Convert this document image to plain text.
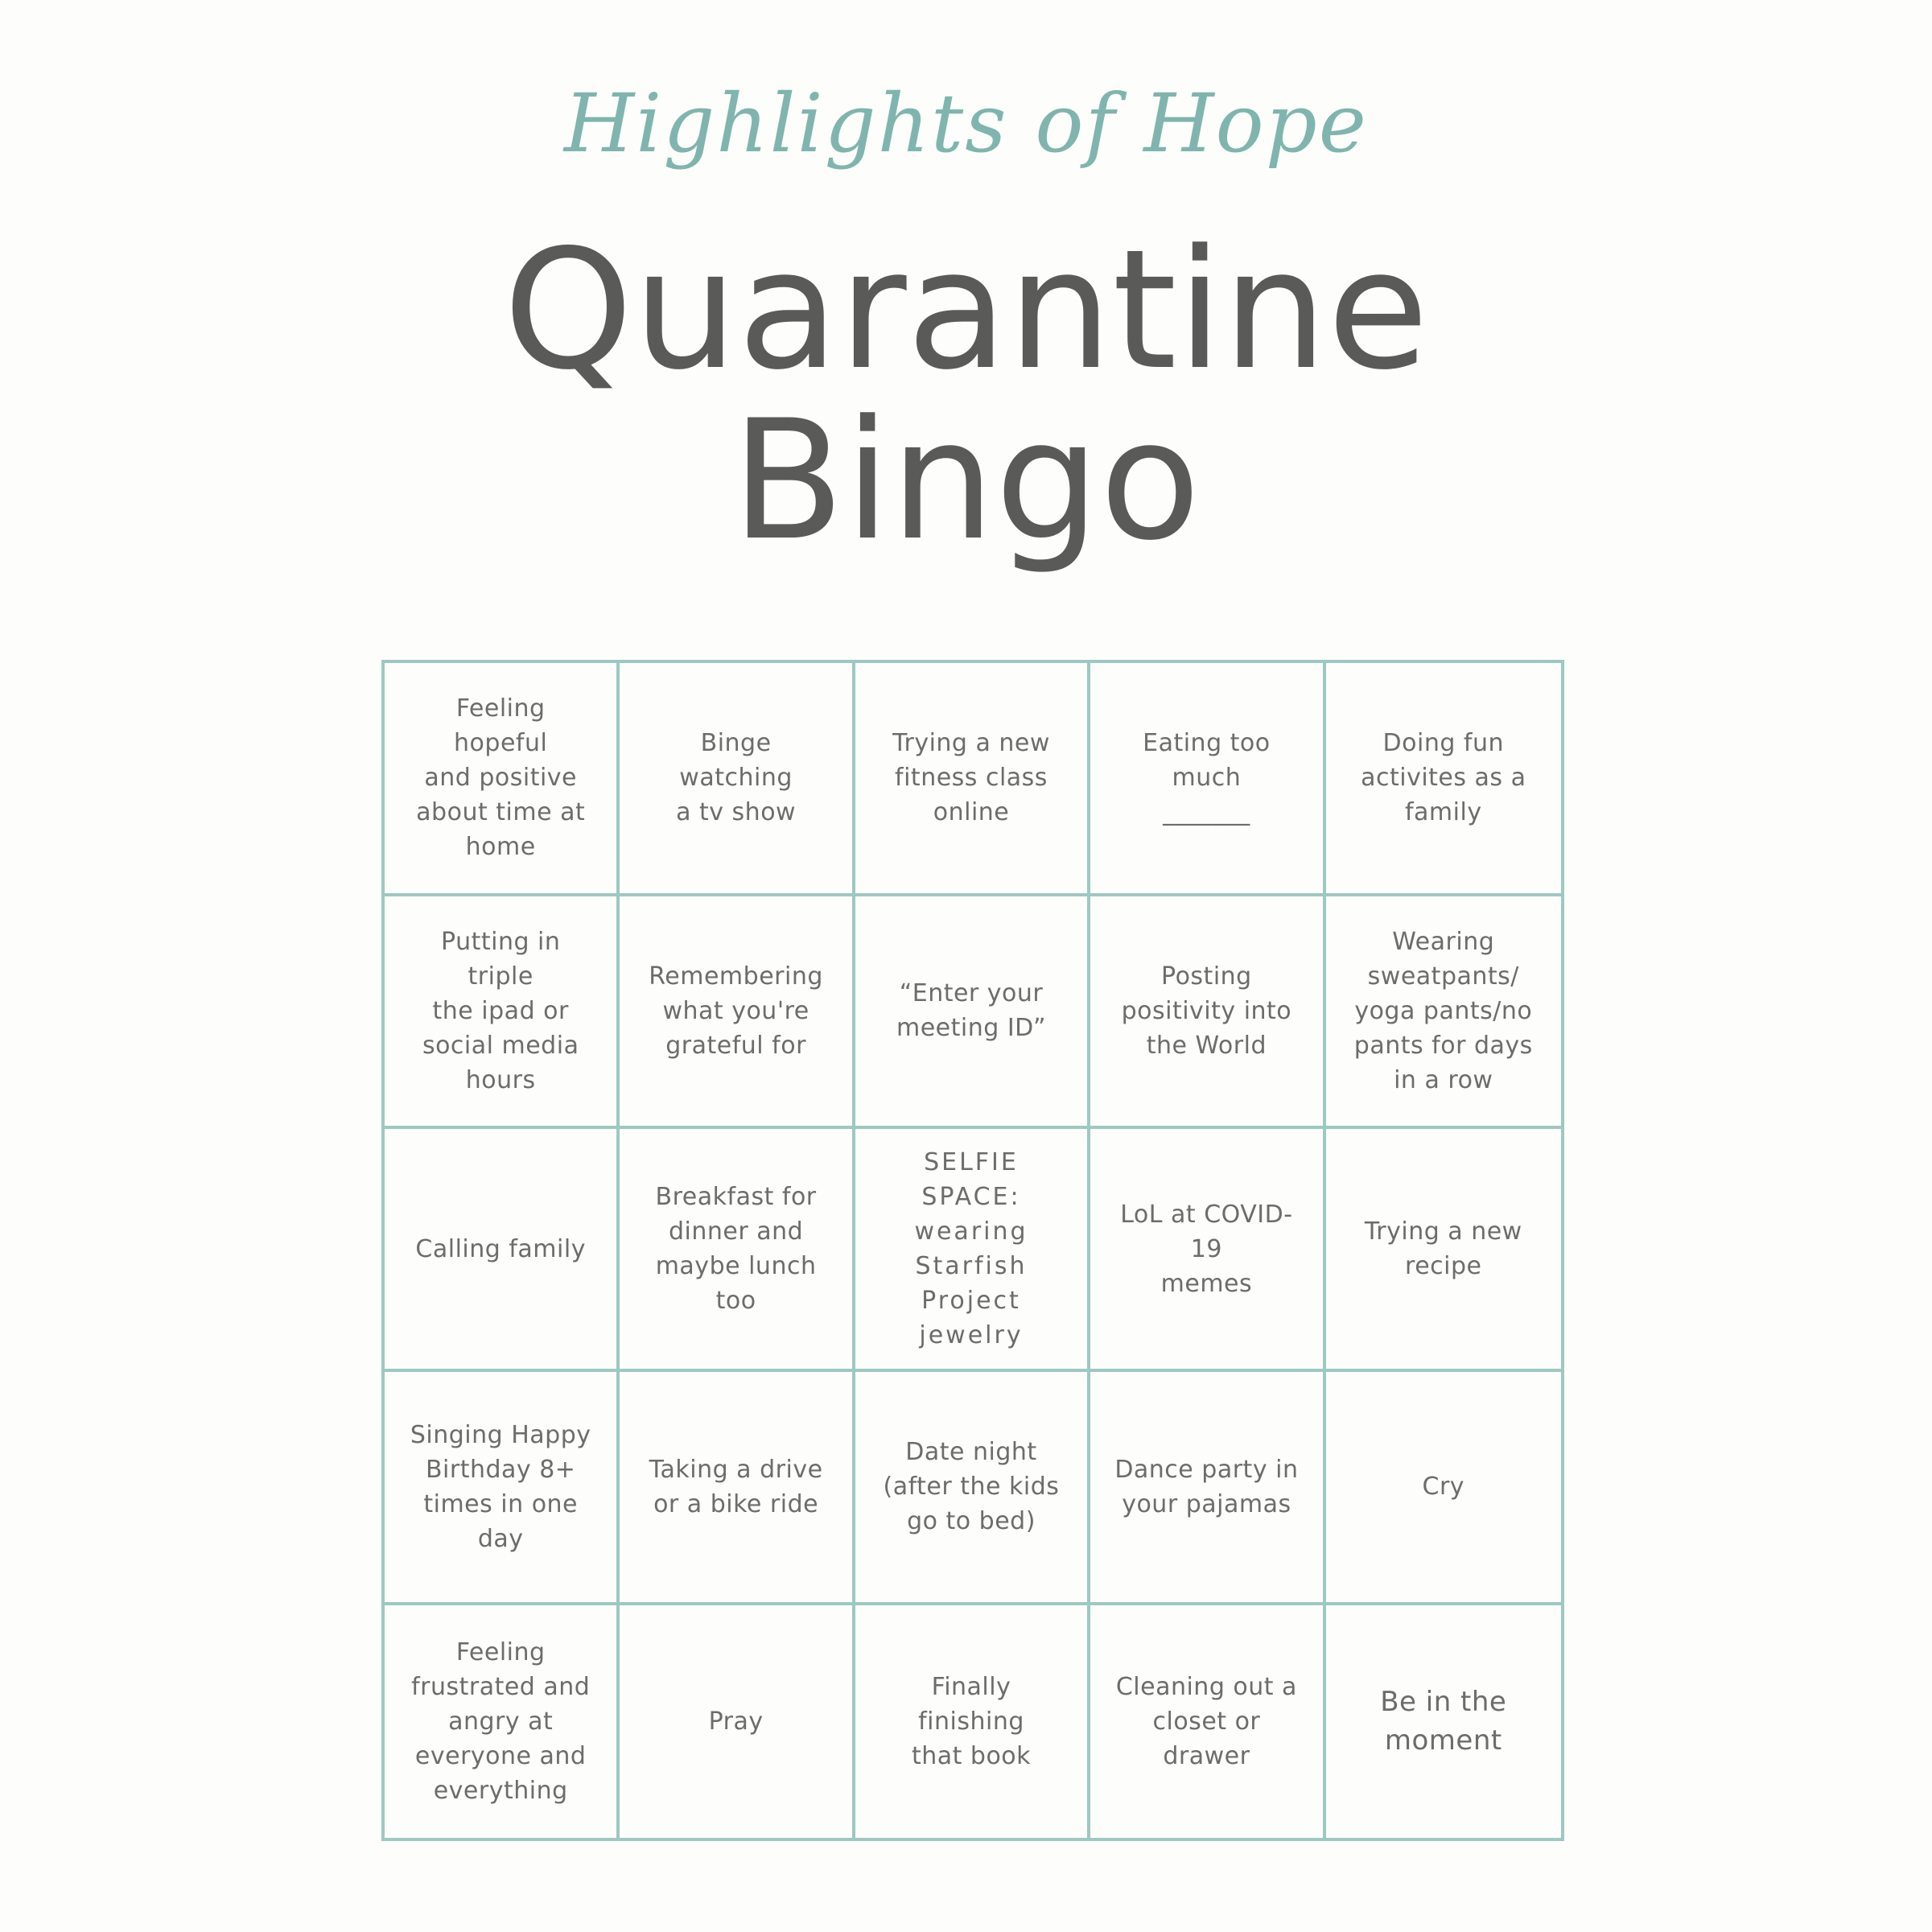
Highlights of Hope
Quarantine
Bingo
Feeling hopeful
and positive
about time at
home
Binge watching
a tv show
Trying a new
fitness class
online
Eating too much
_______
Doing fun
activites as a
family
Putting in triple
the ipad or
social media
hours
Remembering
what you're
grateful for
“Enter your
meeting ID”
Posting
positivity into
the World
Wearing
sweatpants/
yoga pants/no
pants for days
in a row
Calling family
Breakfast for
dinner and
maybe lunch
too
SELFIE
SPACE:
wearing
Starfish
Project
jewelry
LoL at COVID-19
memes
Trying a new
recipe
Singing Happy
Birthday 8+
times in one
day
Taking a drive
or a bike ride
Date night
(after the kids
go to bed)
Dance party in
your pajamas
Cry
Feeling
frustrated and
angry at
everyone and
everything
Pray
Finally finishing
that book
Cleaning out a
closet or drawer
Be in the
moment
